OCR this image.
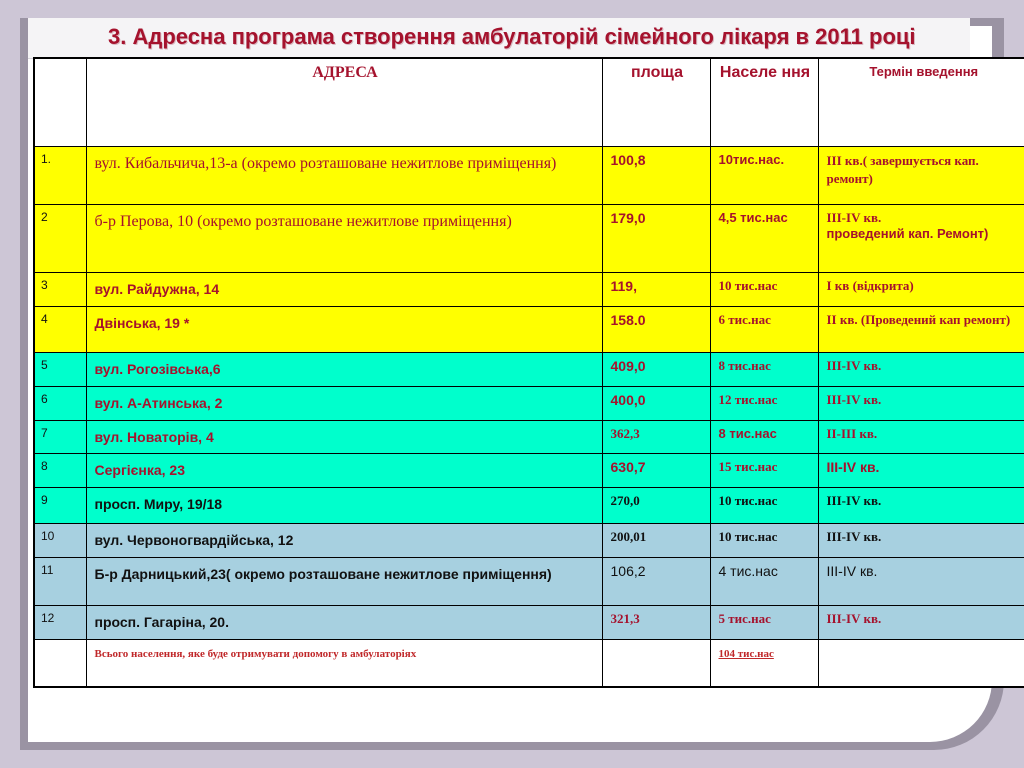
3. Адресна програма створення амбулаторій сімейного лікаря в 2011 році
	АДРЕСА	площа	Населе ння	Термін введення
1.	вул. Кибальчича,13-а (окремо розташоване нежитлове приміщення)	100,8	10тис.нас.	III кв.( завершується кап. ремонт)
2	б-р Перова, 10 (окремо розташоване нежитлове приміщення)	179,0	4,5 тис.нас	III-IV кв.
проведений кап. Ремонт)

3	вул. Райдужна, 14	119,	10 тис.нас	I кв (відкрита)
4	Двінська, 19 *	158.0	6 тис.нас	II кв. (Проведений кап ремонт)
5	вул. Рогозівська,6	409,0	8 тис.нас	III-IV кв.
6	вул. А-Атинська, 2	400,0	12 тис.нас	III-IV кв.
7	вул. Новаторів, 4	362,3	8 тис.нас	II-III кв.
8	Сергієнка, 23	630,7	15 тис.нас	III-IV кв.
9	просп. Миру, 19/18	270,0	10 тис.нас	III-IV кв.
10	вул. Червоногвардійська, 12	200,01	10 тис.нас	III-IV кв.
11	Б-р Дарницький,23( окремо розташоване нежитлове приміщення)	106,2	4 тис.нас	III-IV кв.
12	просп. Гагаріна, 20.	321,3	5 тис.нас	III-IV кв.
	Всього населення, яке буде отримувати допомогу в амбулаторіях		104 тис.нас	
